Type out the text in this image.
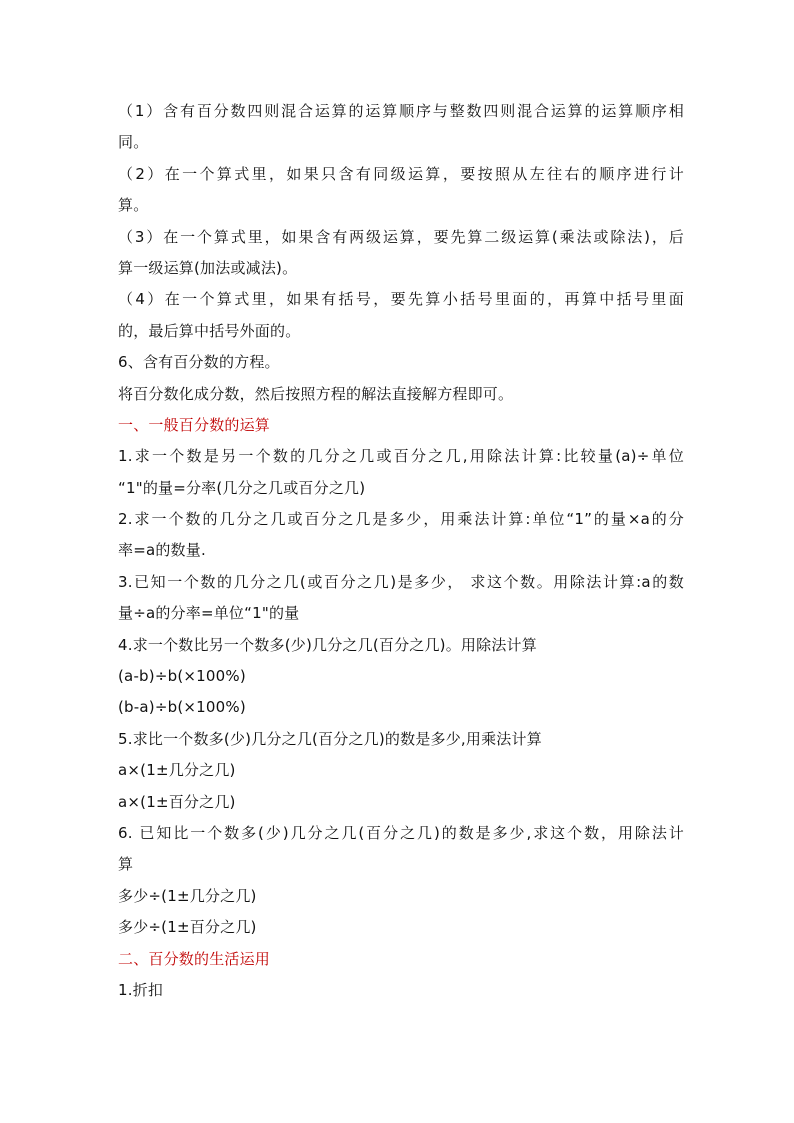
（1）含有百分数四则混合运算的运算顺序与整数四则混合运算的运算顺序相
同。
（2）在一个算式里，如果只含有同级运算，要按照从左往右的顺序进行计
算。
（3）在一个算式里，如果含有两级运算，要先算二级运算(乘法或除法)，后
算一级运算(加法或减法)。
（4）在一个算式里，如果有括号，要先算小括号里面的，再算中括号里面
的，最后算中括号外面的。
6、含有百分数的方程。
将百分数化成分数，然后按照方程的解法直接解方程即可。
一、一般百分数的运算
1.求一个数是另一个数的几分之几或百分之几,用除法计算:比较量(a)÷单位
“1"的量=分率(几分之几或百分之几)
2.求一个数的几分之几或百分之几是多少，用乘法计算:单位“1”的量×a的分
率=a的数量.
3.已知一个数的几分之几(或百分之几)是多少， 求这个数。用除法计算:a的数
量÷a的分率=单位“1"的量
4.求一个数比另一个数多(少)几分之几(百分之几)。用除法计算
(a-b)÷b(×100%)
(b-a)÷b(×100%)
5.求比一个数多(少)几分之几(百分之几)的数是多少,用乘法计算
a×(1±几分之几)
a×(1±百分之几)
6. 已知比一个数多(少)几分之几(百分之几)的数是多少,求这个数，用除法计
算
多少÷(1±几分之几)
多少÷(1±百分之几)
二、百分数的生活运用
1.折扣
